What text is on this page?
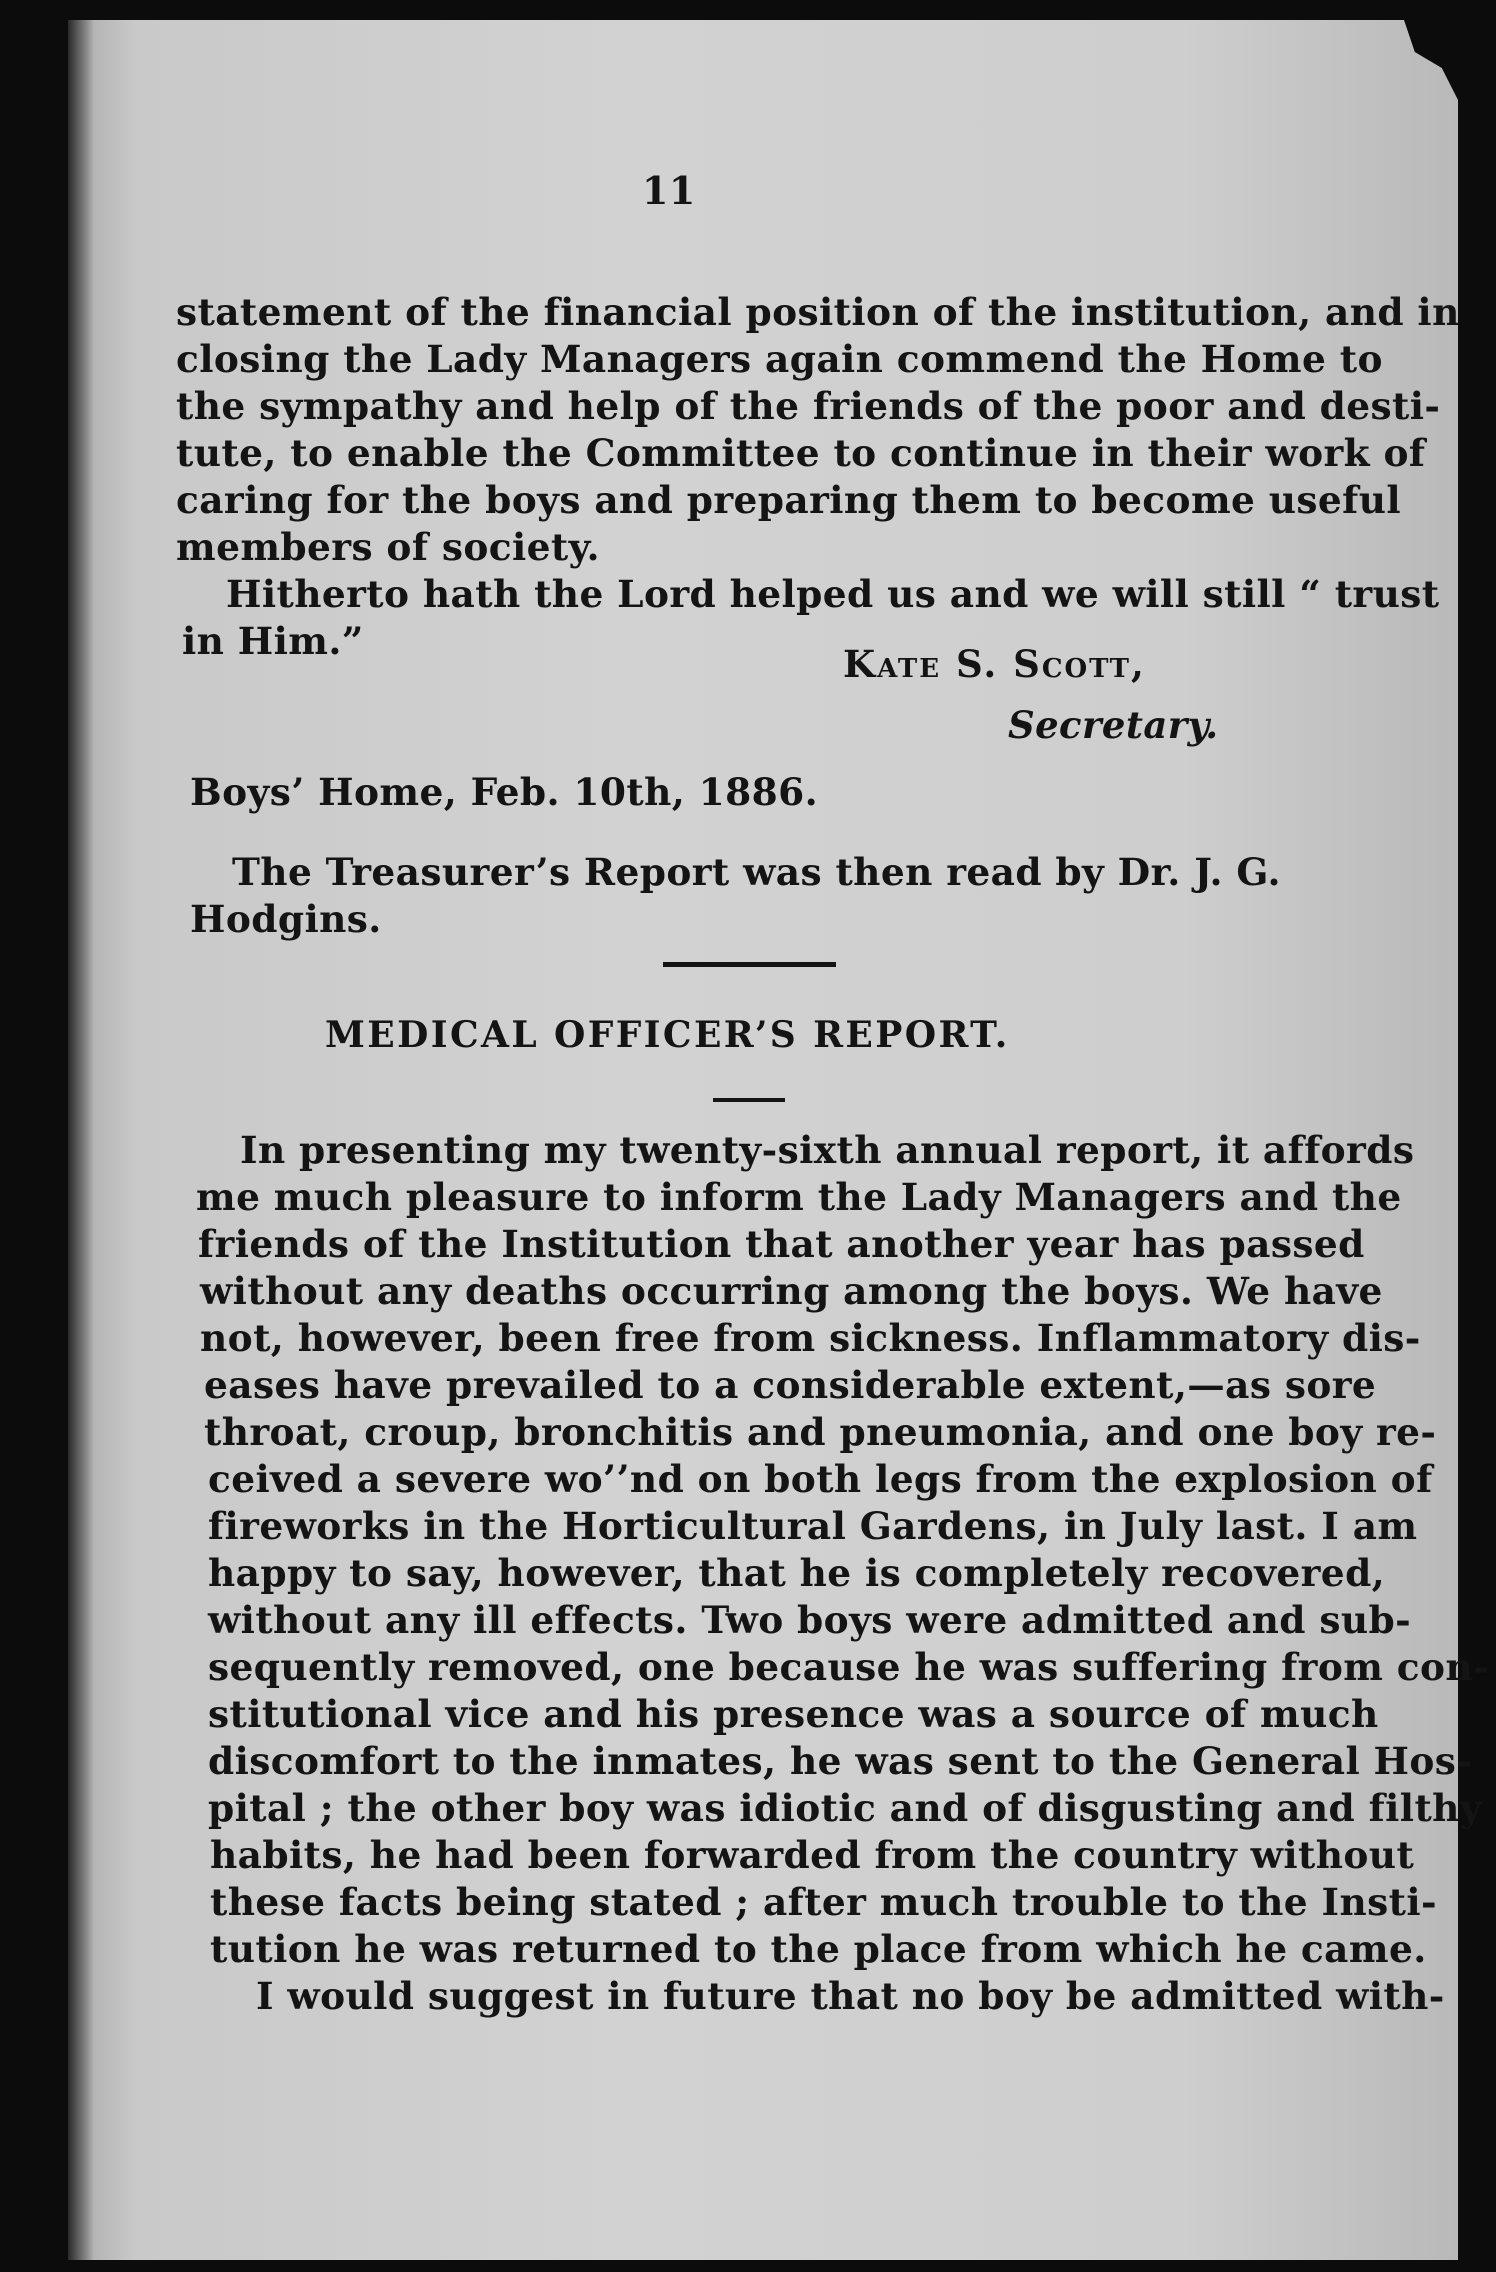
11
statement of the financial position of the institution, and in
closing the Lady Managers again commend the Home to
the sympathy and help of the friends of the poor and desti-
tute, to enable the Committee to continue in their work of
caring for the boys and preparing them to become useful
members of society.
Hitherto hath the Lord helped us and we will still “ trust
in Him.”
Kate S. Scott,
Secretary.
Boys’ Home, Feb. 10th, 1886.
The Treasurer’s Report was then read by Dr. J. G.
Hodgins.
MEDICAL OFFICER’S REPORT.
In presenting my twenty-sixth annual report, it affords
me much pleasure to inform the Lady Managers and the
friends of the Institution that another year has passed
without any deaths occurring among the boys. We have
not, however, been free from sickness. Inflammatory dis-
eases have prevailed to a considerable extent,—as sore
throat, croup, bronchitis and pneumonia, and one boy re-
ceived a severe wo’’nd on both legs from the explosion of
fireworks in the Horticultural Gardens, in July last. I am
happy to say, however, that he is completely recovered,
without any ill effects. Two boys were admitted and sub-
sequently removed, one because he was suffering from con-
stitutional vice and his presence was a source of much
discomfort to the inmates, he was sent to the General Hos-
pital ; the other boy was idiotic and of disgusting and filthy
habits, he had been forwarded from the country without
these facts being stated ; after much trouble to the Insti-
tution he was returned to the place from which he came.
I would suggest in future that no boy be admitted with-
